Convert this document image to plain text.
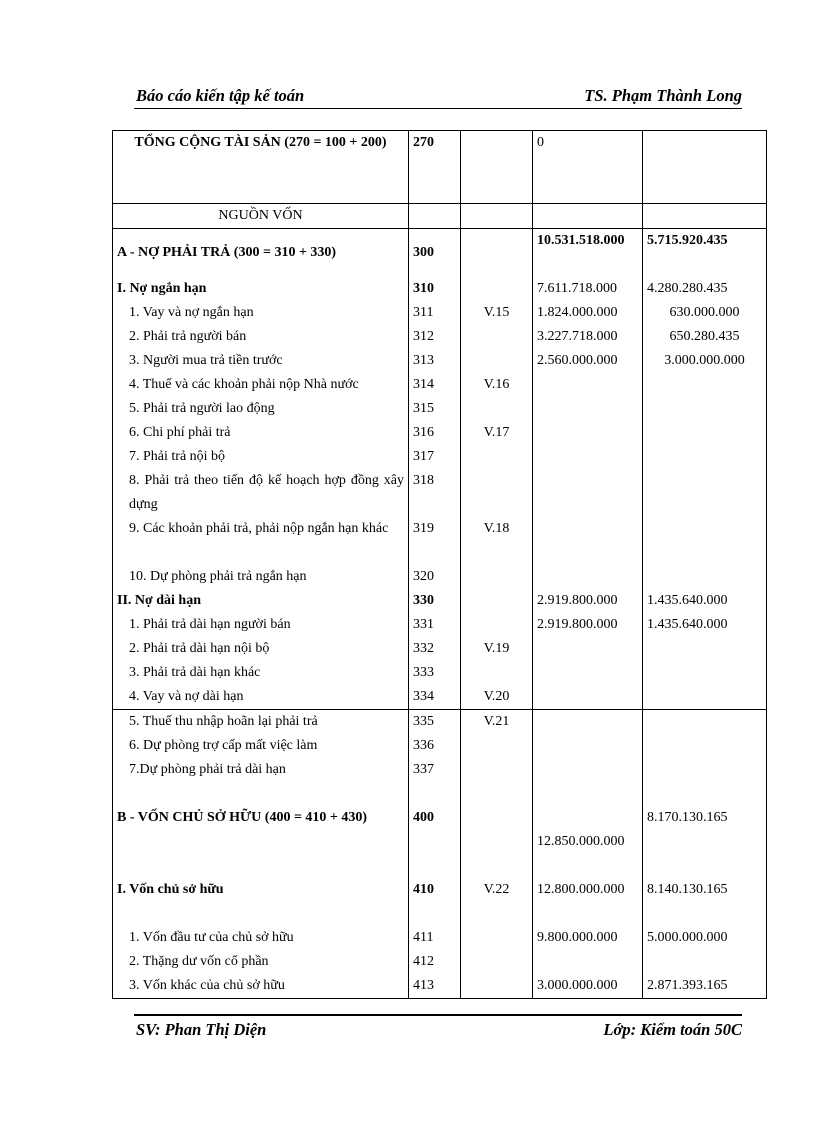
Báo cáo kiến tập kế toán	TS. Phạm Thành Long
TỔNG CỘNG TÀI SẢN (270 = 100 + 200)	270		0	
NGUỒN VỐN				
A - NỢ PHẢI TRẢ (300 = 310 + 330)	300		10.531.518.000	5.715.920.435
I. Nợ ngắn hạn	310		7.611.718.000	4.280.280.435
1. Vay và nợ ngắn hạn	311	V.15	1.824.000.000	630.000.000
2. Phải trả người bán	312		3.227.718.000	650.280.435
3. Người mua trả tiền trước	313		2.560.000.000	3.000.000.000
4. Thuế và các khoản phải nộp Nhà nước	314	V.16		
5. Phải trả người lao động	315			
6. Chi phí phải trả	316	V.17		
7. Phải trả nội bộ	317			
8. Phải trả theo tiến độ kế hoạch hợp đồng xây dựng	318			
9. Các khoản phải trả, phải nộp ngắn hạn khác	319	V.18		
10. Dự phòng phải trả ngắn hạn	320			
II. Nợ dài hạn	330		2.919.800.000	1.435.640.000
1. Phải trả dài hạn người bán	331		2.919.800.000	1.435.640.000
2. Phải trả dài hạn nội bộ	332	V.19		
3. Phải trả dài hạn khác	333			
4. Vay và nợ dài hạn	334	V.20		
5. Thuế thu nhập hoãn lại phải trả	335	V.21		
6. Dự phòng trợ cấp mất việc làm	336			
7.Dự phòng phải trả dài hạn	337			
B - VỐN CHỦ SỞ HỮU (400 = 410 + 430)	400		12.850.000.000	8.170.130.165
I. Vốn chủ sở hữu	410	V.22	12.800.000.000	8.140.130.165
1. Vốn đầu tư của chủ sở hữu	411		9.800.000.000	5.000.000.000
2. Thặng dư vốn cổ phần	412			
3. Vốn khác của chủ sở hữu	413		3.000.000.000	2.871.393.165
SV: Phan Thị Diện	Lớp: Kiểm toán 50C
